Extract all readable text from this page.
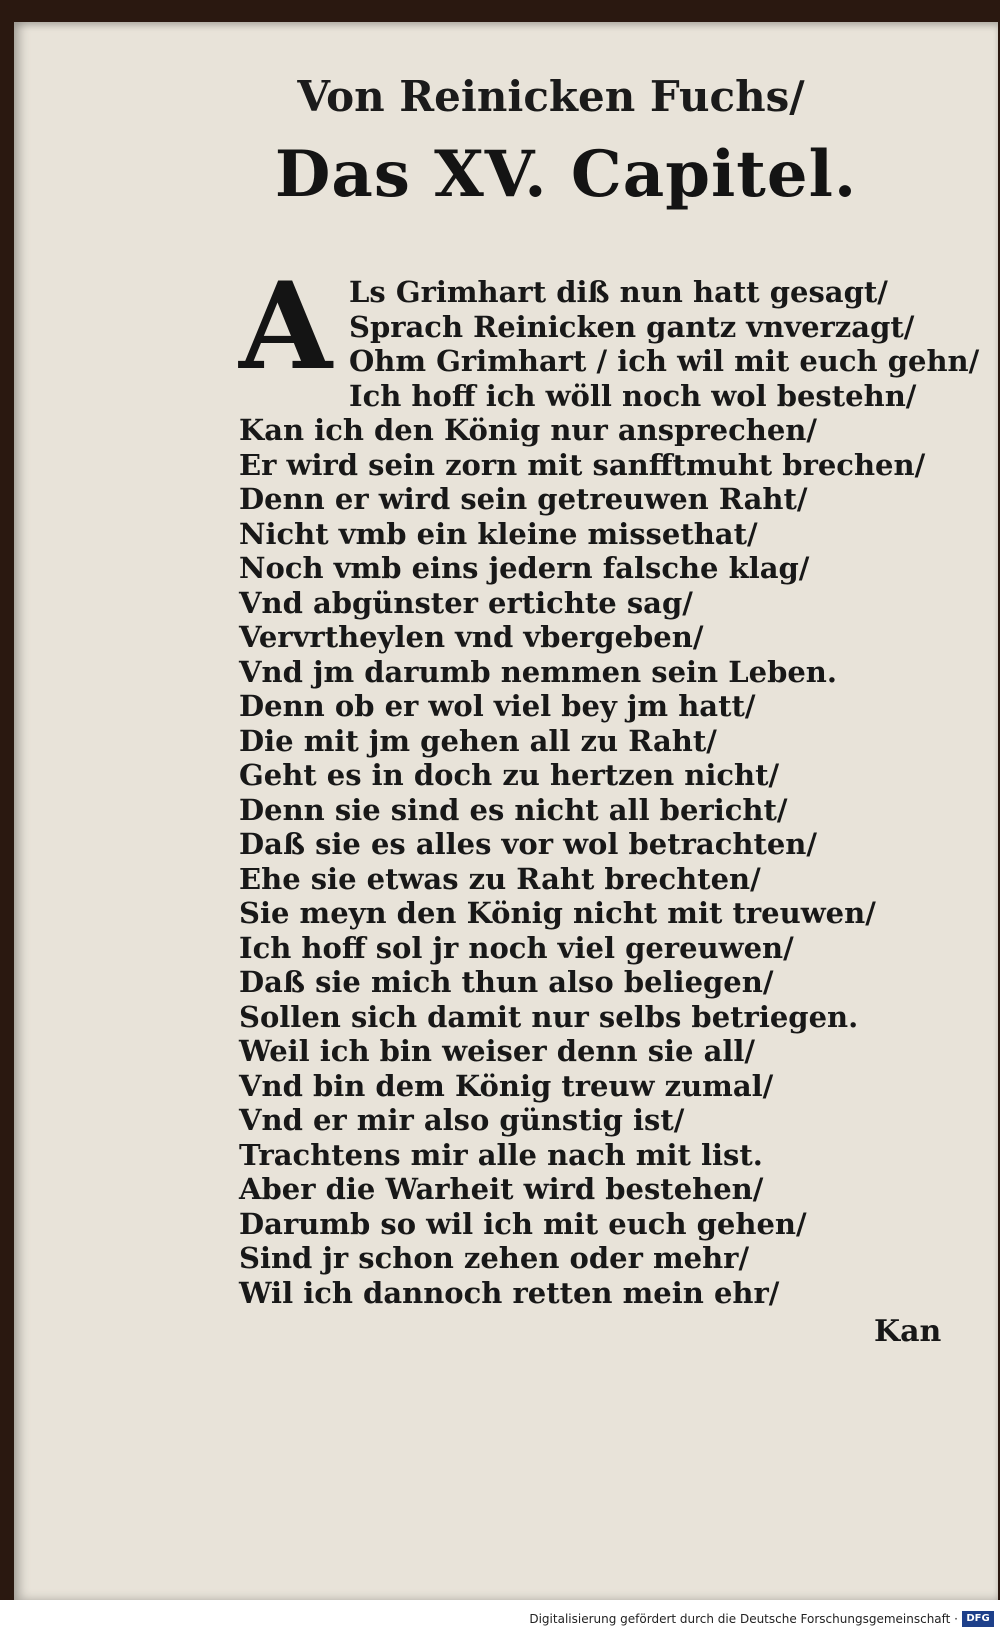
Von Reinicken Fuchs/
Das XV. Capitel.
A Ls Grimhart diß nun hatt gesagt/
Sprach Reinicken gantz vnverzagt/
Ohm Grimhart / ich wil mit euch gehn/
Ich hoff ich wöll noch wol bestehn/
Kan ich den König nur ansprechen/
Er wird sein zorn mit sanfftmuht brechen/
Denn er wird sein getreuwen Raht/
Nicht vmb ein kleine missethat/
Noch vmb eins jedern falsche klag/
Vnd abgünster ertichte sag/
Vervrtheylen vnd vbergeben/
Vnd jm darumb nemmen sein Leben.
Denn ob er wol viel bey jm hatt/
Die mit jm gehen all zu Raht/
Geht es in doch zu hertzen nicht/
Denn sie sind es nicht all bericht/
Daß sie es alles vor wol betrachten/
Ehe sie etwas zu Raht brechten/
Sie meyn den König nicht mit treuwen/
Ich hoff sol jr noch viel gereuwen/
Daß sie mich thun also beliegen/
Sollen sich damit nur selbs betriegen.
Weil ich bin weiser denn sie all/
Vnd bin dem König treuw zumal/
Vnd er mir also günstig ist/
Trachtens mir alle nach mit list.
Aber die Warheit wird bestehen/
Darumb so wil ich mit euch gehen/
Sind jr schon zehen oder mehr/
Wil ich dannoch retten mein ehr/
Kan
Digitalisierung gefördert durch die Deutsche Forschungsgemeinschaft · DFG
